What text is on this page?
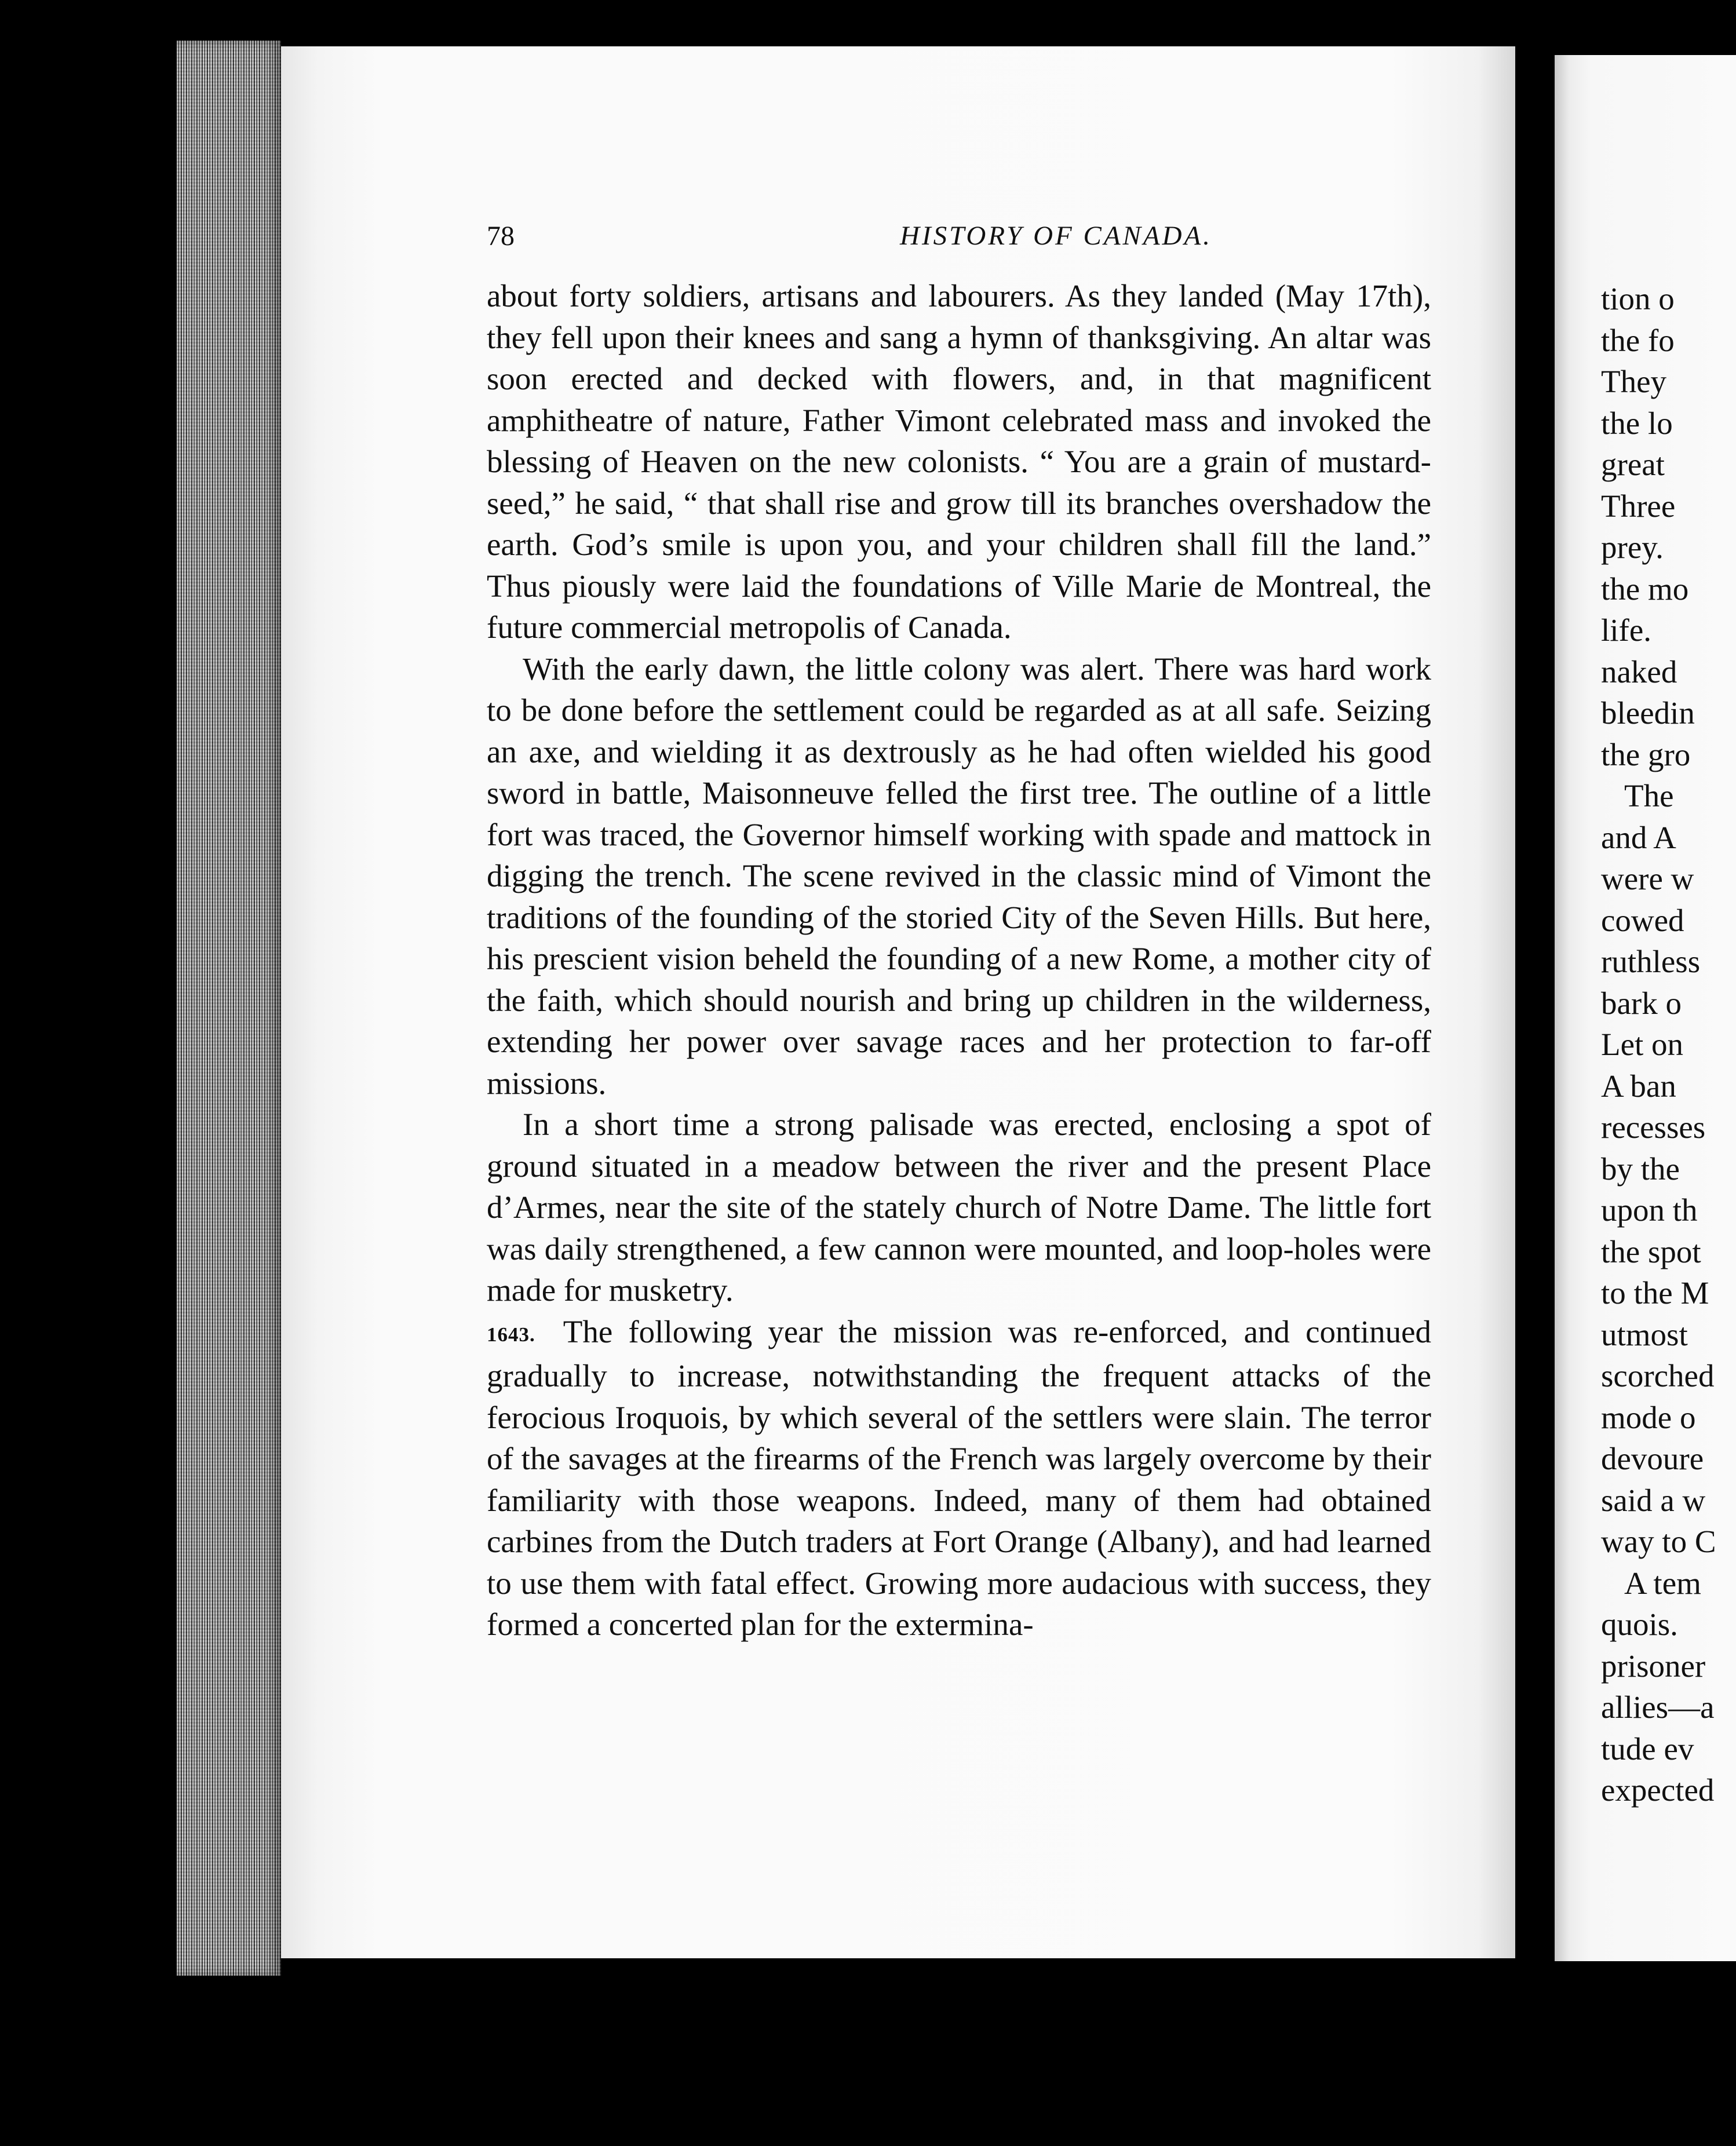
78	HISTORY OF CANADA.

about forty soldiers, artisans and labourers. As they landed (May 17th), they fell upon their knees and sang a hymn of thanksgiving. An altar was soon erected and decked with flowers, and, in that magnificent amphitheatre of nature, Father Vimont celebrated mass and invoked the blessing of Heaven on the new colonists. “ You are a grain of mustard-seed,” he said, “ that shall rise and grow till its branches overshadow the earth. God’s smile is upon you, and your children shall fill the land.” Thus piously were laid the foundations of Ville Marie de Montreal, the future commercial metropolis of Canada.

With the early dawn, the little colony was alert. There was hard work to be done before the settlement could be regarded as at all safe. Seizing an axe, and wielding it as dextrously as he had often wielded his good sword in battle, Maisonneuve felled the first tree. The outline of a little fort was traced, the Governor himself working with spade and mattock in digging the trench. The scene revived in the classic mind of Vimont the traditions of the founding of the storied City of the Seven Hills. But here, his prescient vision beheld the founding of a new Rome, a mother city of the faith, which should nourish and bring up children in the wilderness, extending her power over savage races and her protection to far-off missions.

In a short time a strong palisade was erected, enclosing a spot of ground situated in a meadow between the river and the present Place d’Armes, near the site of the stately church of Notre Dame. The little fort was daily strengthened, a few cannon were mounted, and loop-holes were made for musketry.

1643. The following year the mission was re-enforced, and continued gradually to increase, notwithstanding the frequent attacks of the ferocious Iroquois, by which several of the settlers were slain. The terror of the savages at the firearms of the French was largely overcome by their familiarity with those weapons. Indeed, many of them had obtained carbines from the Dutch traders at Fort Orange (Albany), and had learned to use them with fatal effect. Growing more audacious with success, they formed a concerted plan for the extermina-

tion o
the fo
They
the lo
great
Three
prey.
the mo
life.
naked
bleedin
the gro
The
and A
were w
cowed
ruthless
bark o
Let on
A ban
recesses
by the
upon th
the spot
to the M
utmost
scorched
mode o
devoure
said a w
way to C
A tem
quois.
prisoner
allies—a
tude ev
expected
